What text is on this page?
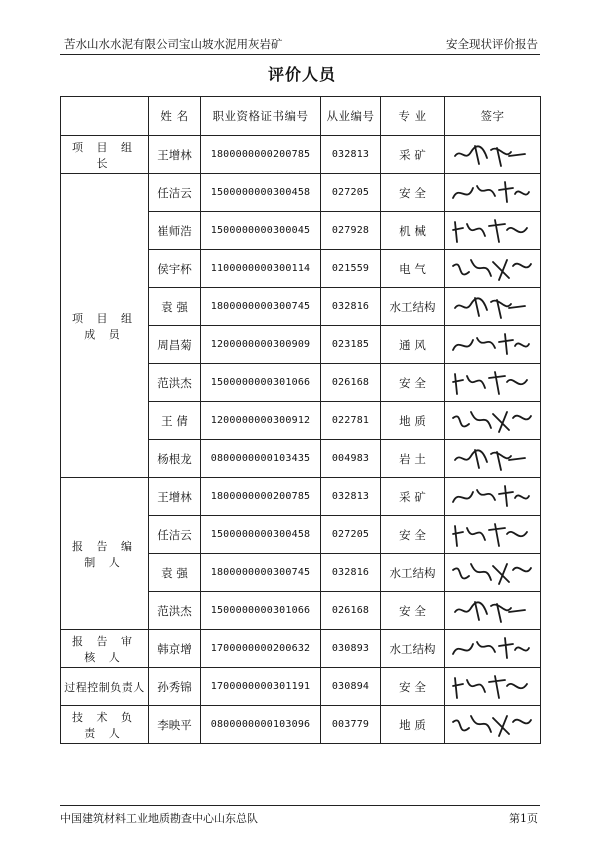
苦水山水水泥有限公司宝山坡水泥用灰岩矿	安全现状评价报告
评价人员
	姓 名	职业资格证书编号	从业编号	专 业	签字
项 目 组 长	王增林	1800000000200785	032813	采 矿	

项 目 组 成 员	任洁云	1500000000300458	027205	安 全	

	崔师浩	1500000000300045	027928	机 械	

	侯宇杯	1100000000300114	021559	电 气	

	袁 强	1800000000300745	032816	水工结构	

	周昌菊	1200000000300909	023185	通 风	

	范洪杰	1500000000301066	026168	安 全	

	王 倩	1200000000300912	022781	地 质	

	杨根龙	0800000000103435	004983	岩 土	

报 告 编 制 人	王增林	1800000000200785	032813	采 矿	

	任洁云	1500000000300458	027205	安 全	

	袁 强	1800000000300745	032816	水工结构	

	范洪杰	1500000000301066	026168	安 全	

报 告 审 核 人	韩京增	1700000000200632	030893	水工结构	

过程控制负责人	孙秀锦	1700000000301191	030894	安 全	

技 术 负 责 人	李映平	0800000000103096	003779	地 质	
中国建筑材料工业地质勘查中心山东总队	第1页
